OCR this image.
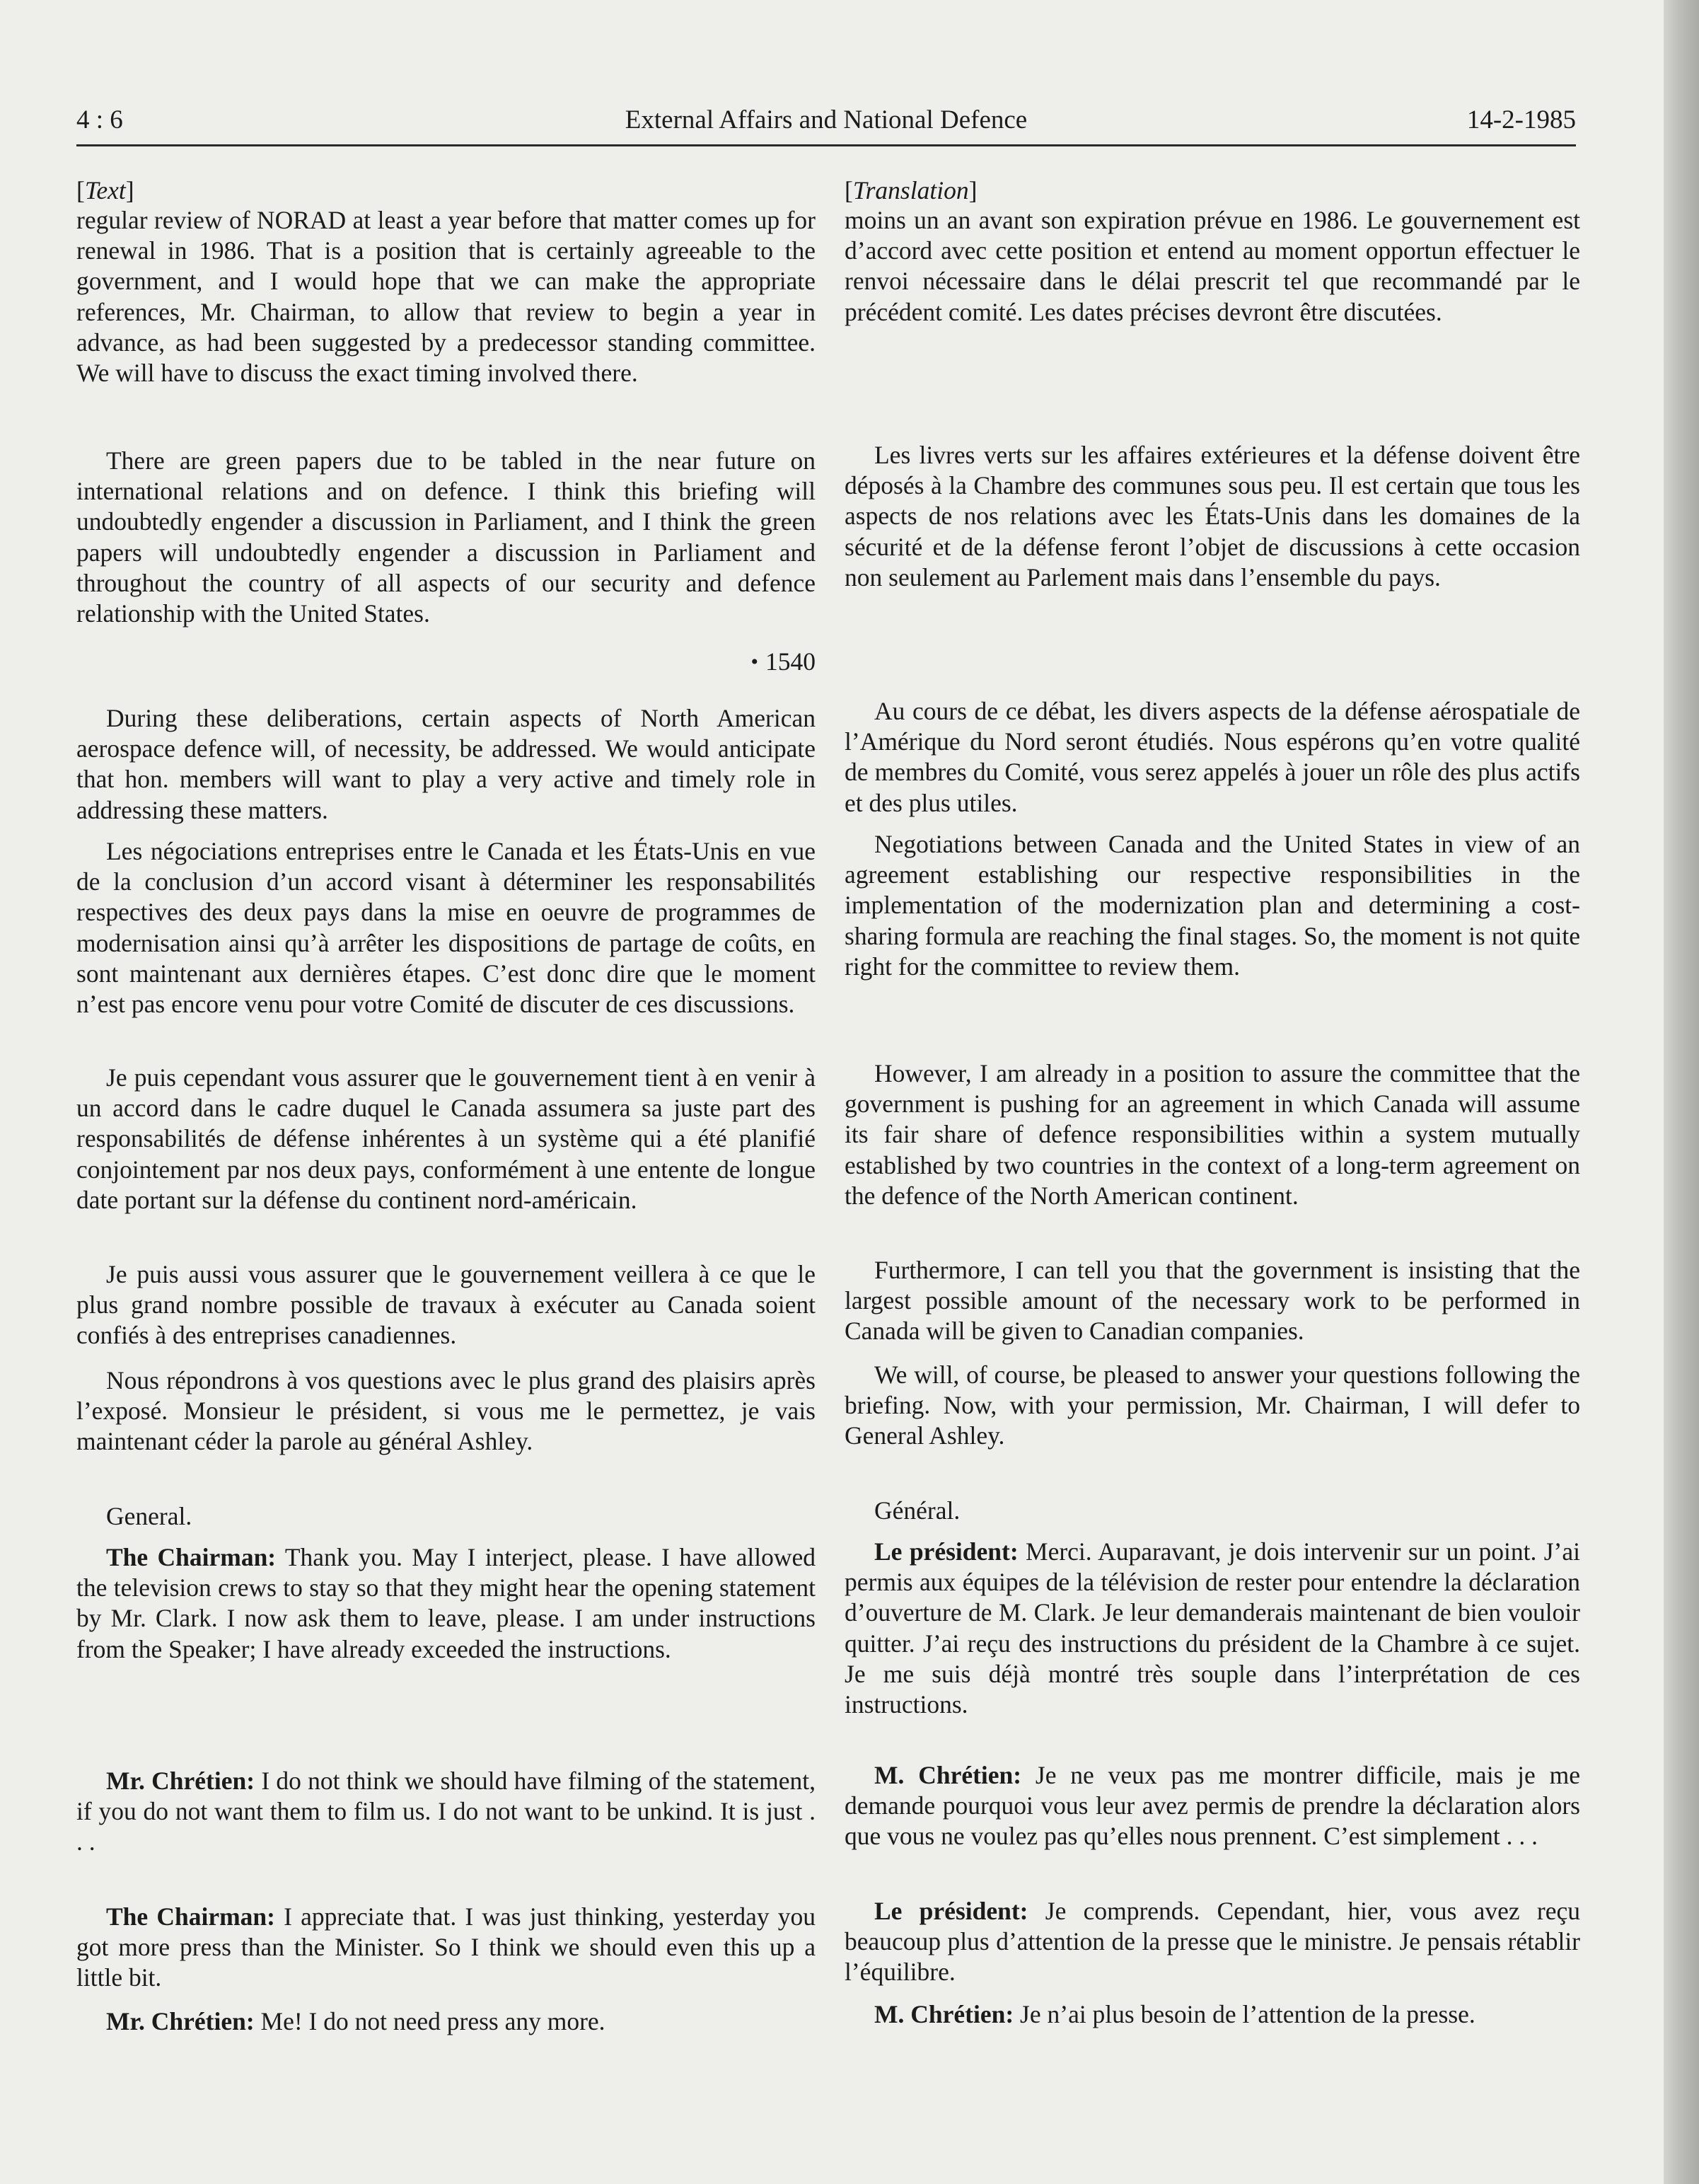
4 : 6	External Affairs and National Defence	14-2-1985

[Text]

regular review of NORAD at least a year before that matter comes up for renewal in 1986. That is a position that is certainly agreeable to the government, and I would hope that we can make the appropriate references, Mr. Chairman, to allow that review to begin a year in advance, as had been suggested by a predecessor standing committee. We will have to discuss the exact timing involved there.

There are green papers due to be tabled in the near future on international relations and on defence. I think this briefing will undoubtedly engender a discussion in Parliament, and I think the green papers will undoubtedly engender a discussion in Parliament and throughout the country of all aspects of our security and defence relationship with the United States.

• 1540

During these deliberations, certain aspects of North American aerospace defence will, of necessity, be addressed. We would anticipate that hon. members will want to play a very active and timely role in addressing these matters.

Les négociations entreprises entre le Canada et les États-Unis en vue de la conclusion d’un accord visant à déterminer les responsabilités respectives des deux pays dans la mise en oeuvre de programmes de modernisation ainsi qu’à arrêter les dispositions de partage de coûts, en sont maintenant aux dernières étapes. C’est donc dire que le moment n’est pas encore venu pour votre Comité de discuter de ces discussions.

Je puis cependant vous assurer que le gouvernement tient à en venir à un accord dans le cadre duquel le Canada assumera sa juste part des responsabilités de défense inhérentes à un système qui a été planifié conjointement par nos deux pays, conformément à une entente de longue date portant sur la défense du continent nord-américain.

Je puis aussi vous assurer que le gouvernement veillera à ce que le plus grand nombre possible de travaux à exécuter au Canada soient confiés à des entreprises canadiennes.

Nous répondrons à vos questions avec le plus grand des plaisirs après l’exposé. Monsieur le président, si vous me le permettez, je vais maintenant céder la parole au général Ashley.

General.

The Chairman: Thank you. May I interject, please. I have allowed the television crews to stay so that they might hear the opening statement by Mr. Clark. I now ask them to leave, please. I am under instructions from the Speaker; I have already exceeded the instructions.

Mr. Chrétien: I do not think we should have filming of the statement, if you do not want them to film us. I do not want to be unkind. It is just . . .

The Chairman: I appreciate that. I was just thinking, yesterday you got more press than the Minister. So I think we should even this up a little bit.

Mr. Chrétien: Me! I do not need press any more.

[Translation]

moins un an avant son expiration prévue en 1986. Le gouvernement est d’accord avec cette position et entend au moment opportun effectuer le renvoi nécessaire dans le délai prescrit tel que recommandé par le précédent comité. Les dates précises devront être discutées.

Les livres verts sur les affaires extérieures et la défense doivent être déposés à la Chambre des communes sous peu. Il est certain que tous les aspects de nos relations avec les États-Unis dans les domaines de la sécurité et de la défense feront l’objet de discussions à cette occasion non seulement au Parlement mais dans l’ensemble du pays.

Au cours de ce débat, les divers aspects de la défense aérospatiale de l’Amérique du Nord seront étudiés. Nous espérons qu’en votre qualité de membres du Comité, vous serez appelés à jouer un rôle des plus actifs et des plus utiles.

Negotiations between Canada and the United States in view of an agreement establishing our respective responsibilities in the implementation of the modernization plan and determining a cost-sharing formula are reaching the final stages. So, the moment is not quite right for the committee to review them.

However, I am already in a position to assure the committee that the government is pushing for an agreement in which Canada will assume its fair share of defence responsibilities within a system mutually established by two countries in the context of a long-term agreement on the defence of the North American continent.

Furthermore, I can tell you that the government is insisting that the largest possible amount of the necessary work to be performed in Canada will be given to Canadian companies.

We will, of course, be pleased to answer your questions following the briefing. Now, with your permission, Mr. Chairman, I will defer to General Ashley.

Général.

Le président: Merci. Auparavant, je dois intervenir sur un point. J’ai permis aux équipes de la télévision de rester pour entendre la déclaration d’ouverture de M. Clark. Je leur demanderais maintenant de bien vouloir quitter. J’ai reçu des instructions du président de la Chambre à ce sujet. Je me suis déjà montré très souple dans l’interprétation de ces instructions.

M. Chrétien: Je ne veux pas me montrer difficile, mais je me demande pourquoi vous leur avez permis de prendre la déclaration alors que vous ne voulez pas qu’elles nous prennent. C’est simplement . . .

Le président: Je comprends. Cependant, hier, vous avez reçu beaucoup plus d’attention de la presse que le ministre. Je pensais rétablir l’équilibre.

M. Chrétien: Je n’ai plus besoin de l’attention de la presse.
